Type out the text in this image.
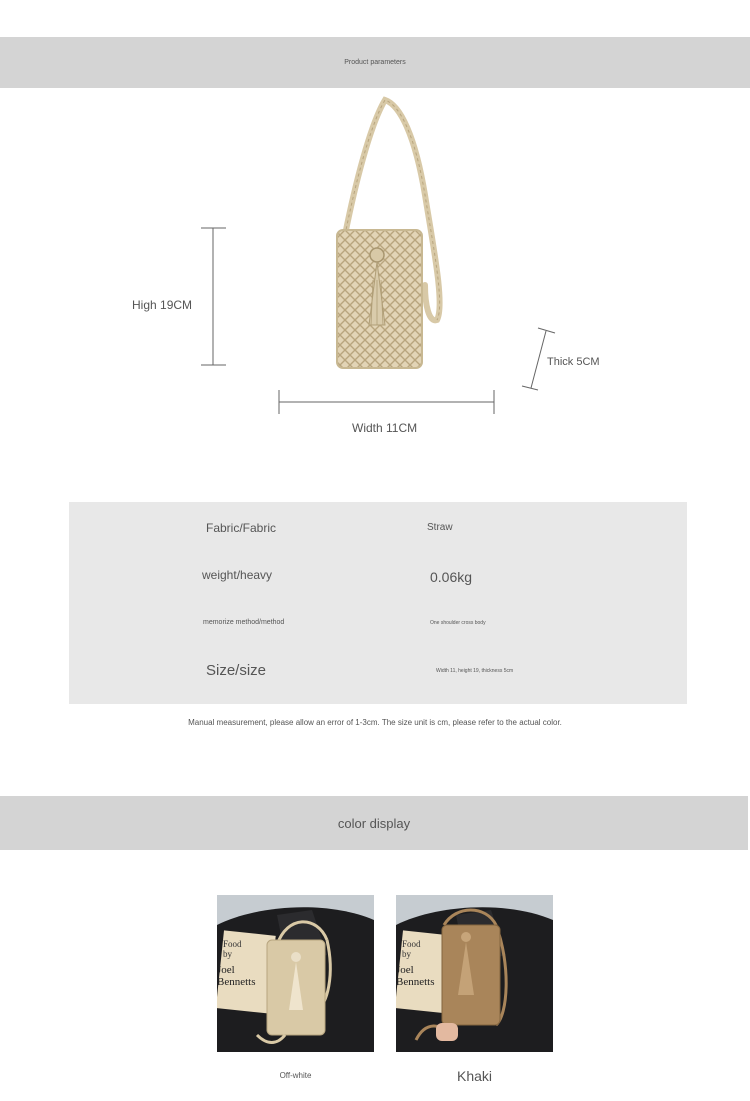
Product parameters
High 19CM
Thick 5CM
Width 11CM
Fabric/Fabric	Straw
weight/heavy	0.06kg
memorize method/method	One shoulder cross body
Size/size	Width 11, height 19, thickness 5cm
Manual measurement, please allow an error of 1-3cm. The size unit is cm, please refer to the actual color.
color display
Food
by
Joel
Bennetts
Food
by
Joel
Bennetts
Off-white	Khaki
